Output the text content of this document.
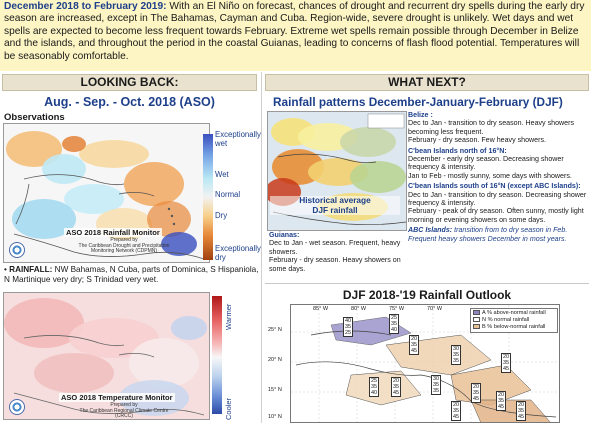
December 2018 to February 2019: With an El Niño on forecast, chances of drought and recurrent dry spells during the early dry season are increased, except in The Bahamas, Cayman and Cuba. Region-wide, severe drought is unlikely. Wet days and wet spells are expected to become less frequent towards February. Extreme wet spells remain possible through December in Belize and the islands, and throughout the period in the coastal Guianas, leading to concerns of flash flood potential. Temperatures will be seasonably comfortable.
LOOKING BACK:	WHAT NEXT?
Aug. - Sep. - Oct. 2018 (ASO)
Observations
ASO 2018 Rainfall Monitor
Prepared by
The Caribbean Drought and Precipitation
Monitoring Network (CDPMN)
Exceptionally wet
Wet
Normal
Dry
Exceptionally dry
• RAINFALL: NW Bahamas, N Cuba, parts of Dominica, S Hispaniola, N Martinique very dry; S Trinidad very wet.
ASO 2018 Temperature Monitor
Prepared by
The Caribbean Regional Climate Centre
(CRCC)
Warmer
Cooler
Rainfall patterns December-January-February (DJF)
Historical average
DJF rainfall
Belize :
Dec to Jan - transition to dry season. Heavy showers becoming less frequent.
February - dry season. Few heavy showers.
C'bean Islands north of 16°N:
December - early dry season. Decreasing shower frequency & intensity.
Jan to Feb - mostly sunny, some days with showers.
C'bean Islands south of 16°N (except ABC Islands):
Dec to Jan - transition to dry season. Decreasing shower frequency & intensity.
February - peak of dry season. Often sunny, mostly light morning or evening showers on some days.
ABC Islands: transition from to dry season in Feb. Frequent heavy showers December in most years.
Guianas:
Dec to Jan - wet season. Frequent, heavy showers.
February - dry season. Heavy showers on some days.
DJF 2018-'19 Rainfall Outlook
40
35
25
25
35
40
20
35
45	30
35
35
20
35
45
25
35
40
20
35
45
30
35
35
20
35
45
20
35
45	20
35
45
20
35
45
25° N
20° N
15° N
10° N
85° W	80° W	75° W	70° W
A % above-normal rainfall
N % normal rainfall
B % below-normal rainfall
